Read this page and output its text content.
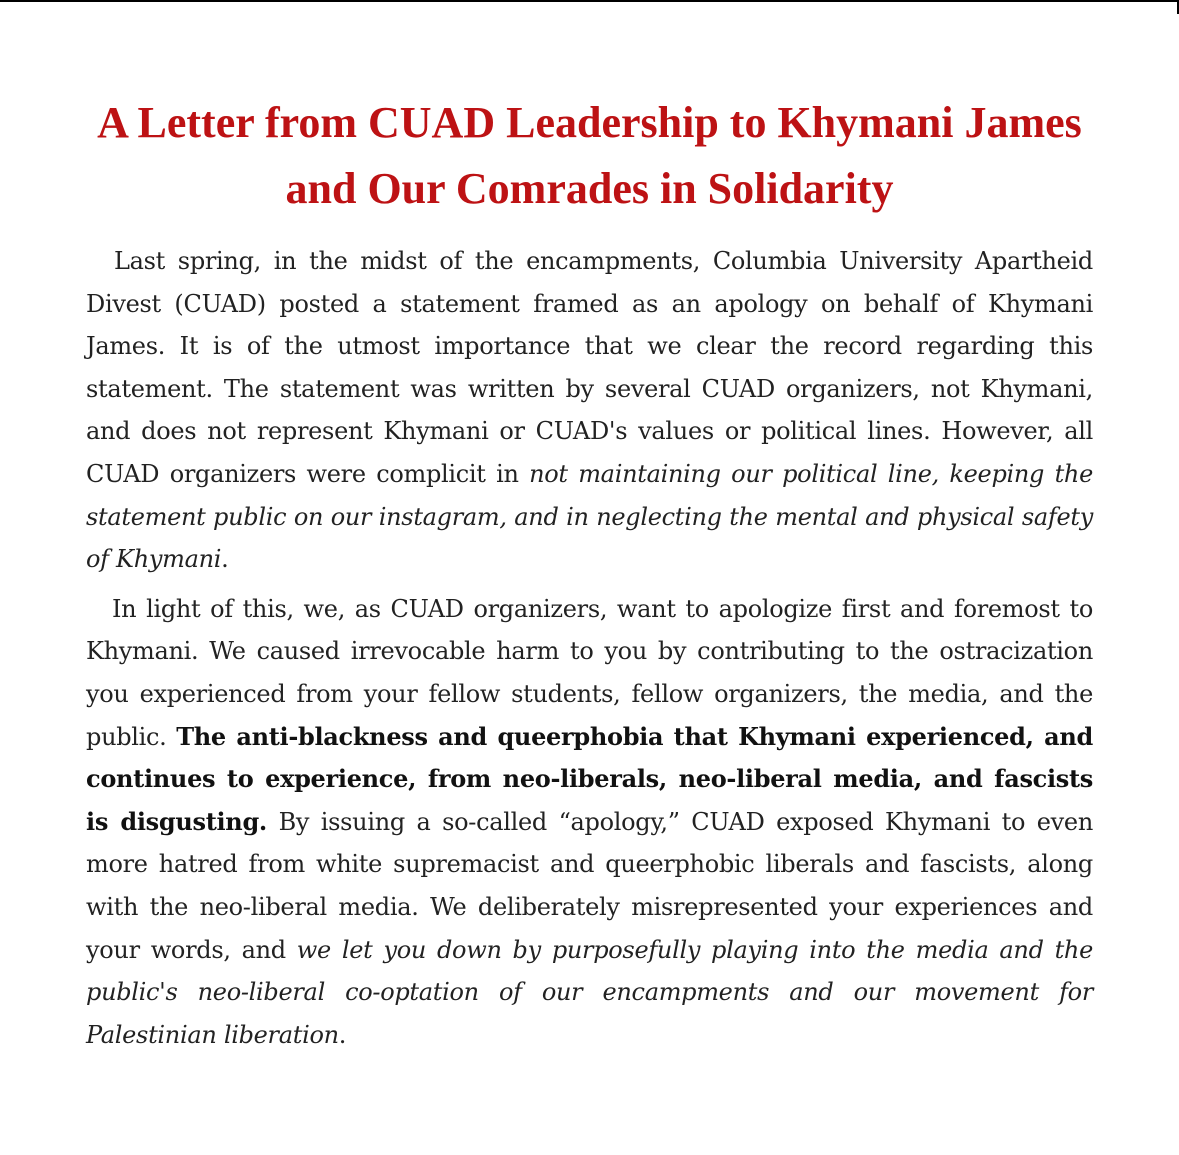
A Letter from CUAD Leadership to Khymani James and Our Comrades in Solidarity

Last spring, in the midst of the encampments, Columbia University Apartheid Divest (CUAD) posted a statement framed as an apology on behalf of Khymani James. It is of the utmost importance that we clear the record regarding this statement. The statement was written by several CUAD organizers, not Khymani, and does not represent Khymani or CUAD's values or political lines. However, all CUAD organizers were complicit in not maintaining our political line, keeping the statement public on our instagram, and in neglecting the mental and physical safety of Khymani.

In light of this, we, as CUAD organizers, want to apologize first and foremost to Khymani. We caused irrevocable harm to you by contributing to the ostracization you experienced from your fellow students, fellow organizers, the media, and the public. The anti-blackness and queerphobia that Khymani experienced, and continues to experience, from neo-liberals, neo-liberal media, and fascists is disgusting. By issuing a so-called “apology,” CUAD exposed Khymani to even more hatred from white supremacist and queerphobic liberals and fascists, along with the neo-liberal media. We deliberately misrepresented your experiences and your words, and we let you down by purposefully playing into the media and the public's neo-liberal co-optation of our encampments and our movement for Palestinian liberation.
